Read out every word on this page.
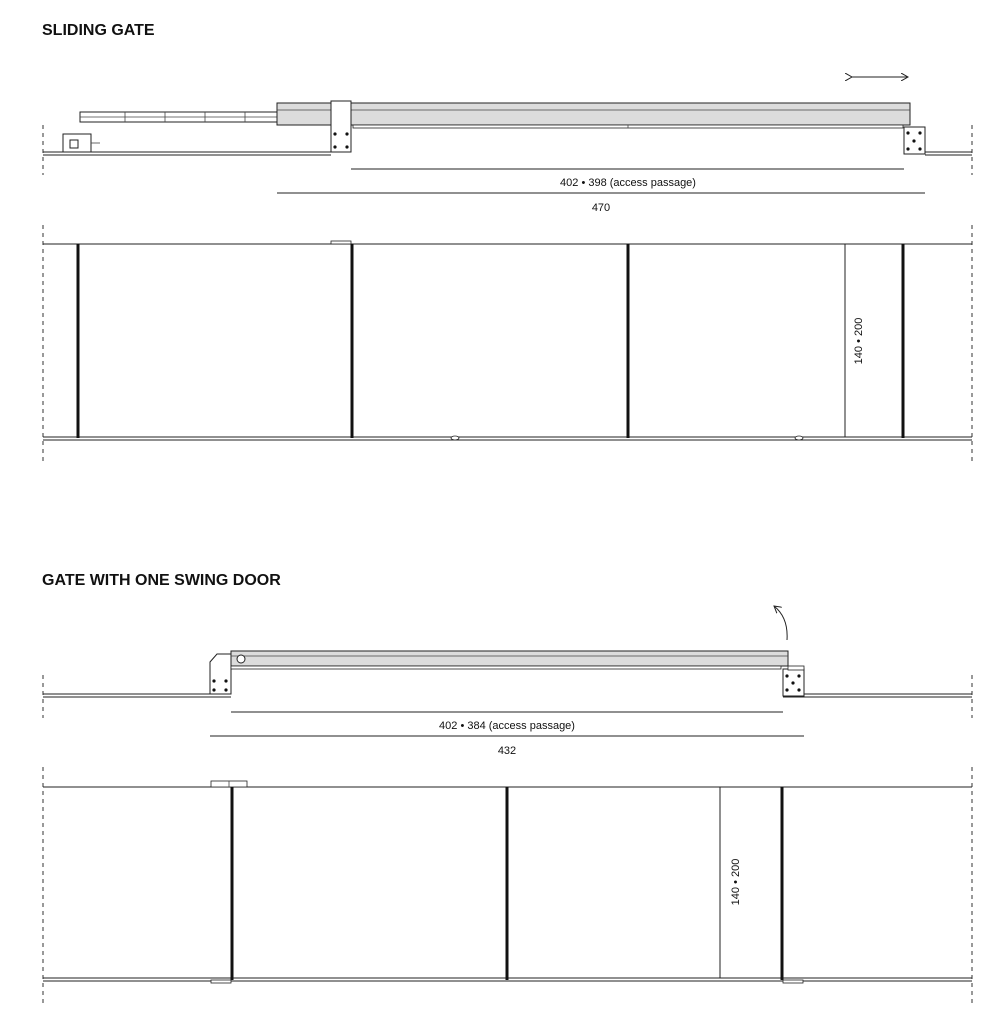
SLIDING GATE
402 • 398 (access passage)
470
140 • 200
GATE WITH ONE SWING DOOR
402 • 384 (access passage)
432
140 • 200
